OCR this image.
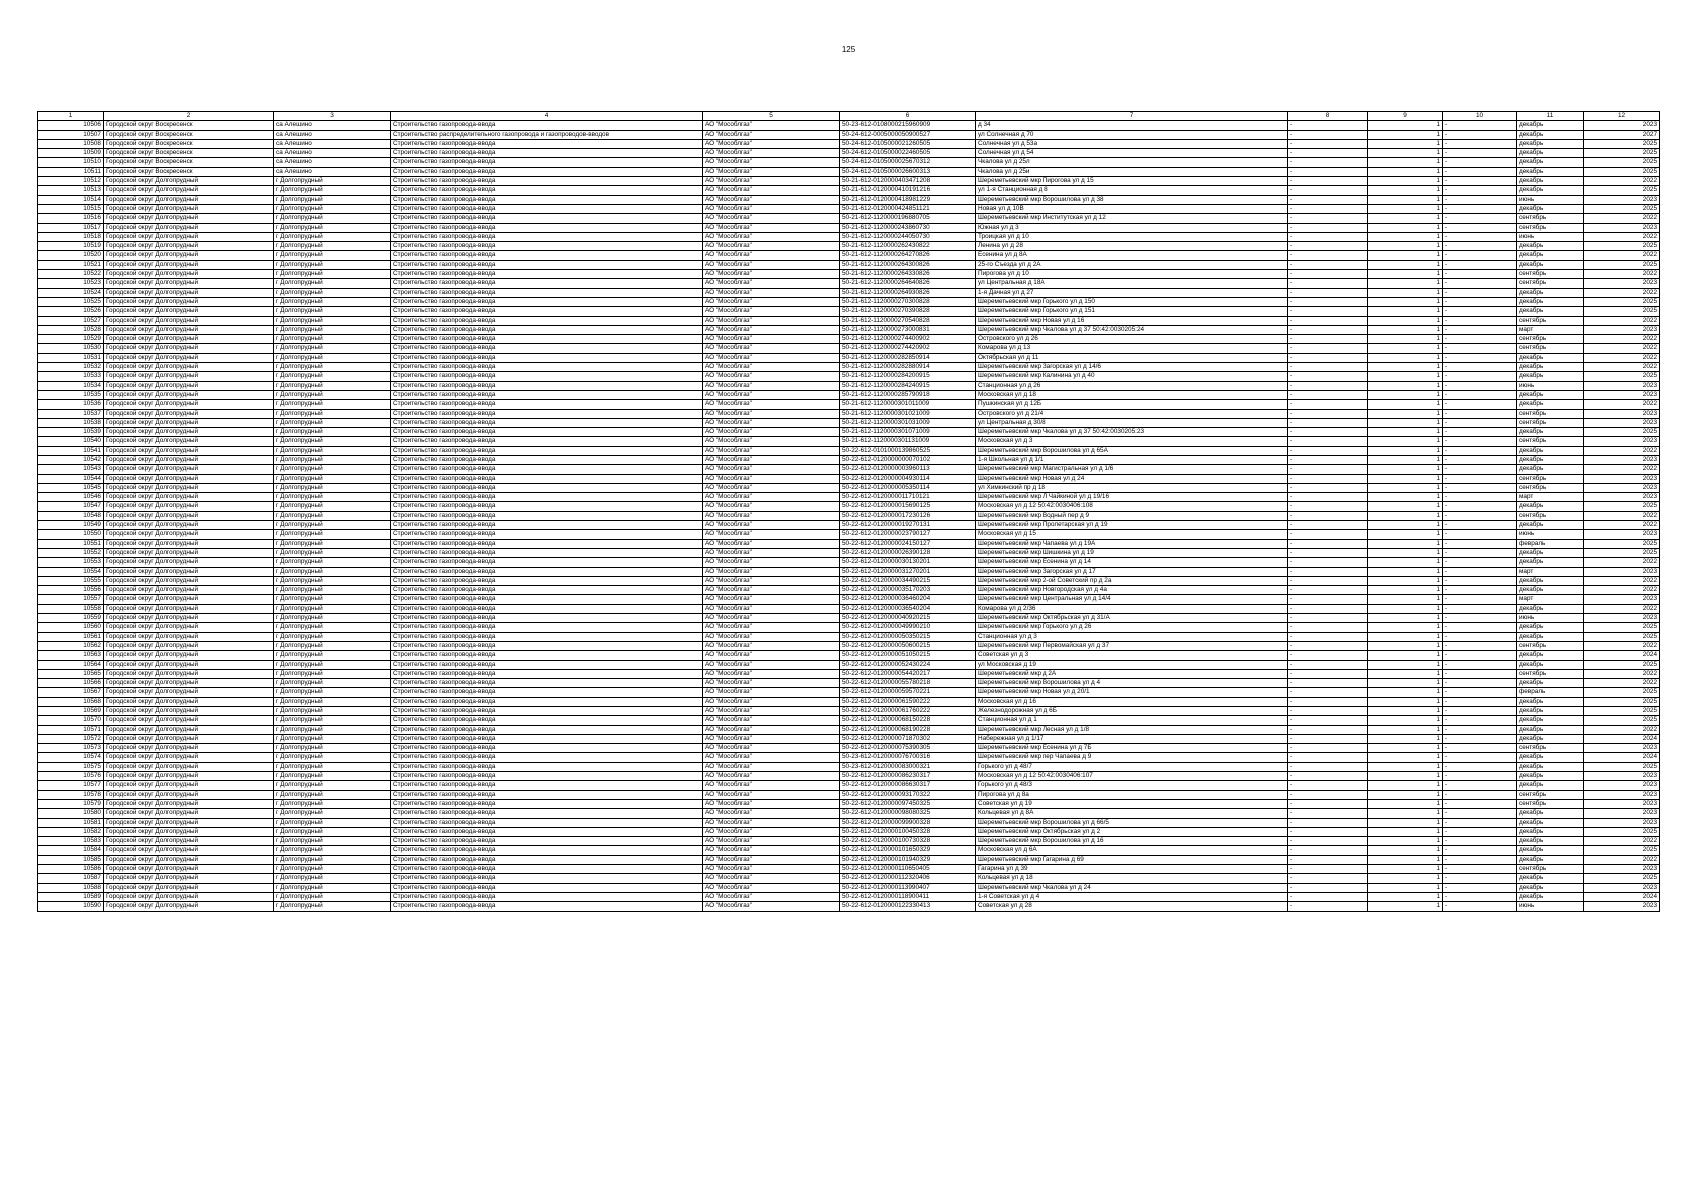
125
1	2	3	4	5	6	7	8	9	10	11	12
10506	Городской округ Воскресенск	са Алешино	Строительство газопровода-ввода	АО "Мособлгаз"	50-23-612-0108000215960909	д 34	-	1	-	декабрь	2023
10507	Городской округ Воскресенск	са Алешино	Строительство распределительного газопровода и газопроводов-вводов	АО "Мособлгаз"	50-24-612-0005000050900527	ул Солнечная д 70	-	1	-	декабрь	2027
10508	Городской округ Воскресенск	са Алешино	Строительство газопровода-ввода	АО "Мособлгаз"	50-24-612-0105000021260505	Солнечная ул д 53а	-	1	-	декабрь	2025
10509	Городской округ Воскресенск	са Алешино	Строительство газопровода-ввода	АО "Мособлгаз"	50-24-612-0105000022460505	Солнечная ул д 54	-	1	-	декабрь	2025
10510	Городской округ Воскресенск	са Алешино	Строительство газопровода-ввода	АО "Мособлгаз"	50-24-612-0105000025670312	Чкалова ул д 25л	-	1	-	декабрь	2025
10511	Городской округ Воскресенск	са Алешино	Строительство газопровода-ввода	АО "Мособлгаз"	50-24-612-0105000026600313	Чкалова ул д 25и	-	1	-	декабрь	2025
10512	Городской округ Долгопрудный	г Долгопрудный	Строительство газопровода-ввода	АО "Мособлгаз"	50-21-612-0120000403471208	Шереметьевский мкр Пирогова ул д 15	-	1	-	декабрь	2022
10513	Городской округ Долгопрудный	г Долгопрудный	Строительство газопровода-ввода	АО "Мособлгаз"	50-21-612-0120000410191216	ул 1-я Станционная д 8	-	1	-	декабрь	2025
10514	Городской округ Долгопрудный	г Долгопрудный	Строительство газопровода-ввода	АО "Мособлгаз"	50-21-612-0120000418981229	Шереметьевский мкр Ворошилова ул д 38	-	1	-	июнь	2023
10515	Городской округ Долгопрудный	г Долгопрудный	Строительство газопровода-ввода	АО "Мособлгаз"	50-21-612-0120000424851121	Новая ул д 10В	-	1	-	декабрь	2025
10516	Городской округ Долгопрудный	г Долгопрудный	Строительство газопровода-ввода	АО "Мособлгаз"	50-21-612-1120000196880705	Шереметьевский мкр Институтская ул д 12	-	1	-	сентябрь	2022
10517	Городской округ Долгопрудный	г Долгопрудный	Строительство газопровода-ввода	АО "Мособлгаз"	50-21-612-1120000243860730	Южная ул д 3	-	1	-	сентябрь	2023
10518	Городской округ Долгопрудный	г Долгопрудный	Строительство газопровода-ввода	АО "Мособлгаз"	50-21-612-1120000244050730	Троицкая ул д 10	-	1	-	июнь	2022
10519	Городской округ Долгопрудный	г Долгопрудный	Строительство газопровода-ввода	АО "Мособлгаз"	50-21-612-1120000262430822	Ленина ул д 28	-	1	-	декабрь	2025
10520	Городской округ Долгопрудный	г Долгопрудный	Строительство газопровода-ввода	АО "Мособлгаз"	50-21-612-1120000264270826	Есенина ул д 8А	-	1	-	декабрь	2022
10521	Городской округ Долгопрудный	г Долгопрудный	Строительство газопровода-ввода	АО "Мособлгаз"	50-21-612-1120000264300826	25-го Съезда ул д 2А	-	1	-	декабрь	2025
10522	Городской округ Долгопрудный	г Долгопрудный	Строительство газопровода-ввода	АО "Мособлгаз"	50-21-612-1120000264330826	Пирогова ул д 10	-	1	-	сентябрь	2022
10523	Городской округ Долгопрудный	г Долгопрудный	Строительство газопровода-ввода	АО "Мособлгаз"	50-21-612-1120000264640826	ул Центральная д 18А	-	1	-	сентябрь	2023
10524	Городской округ Долгопрудный	г Долгопрудный	Строительство газопровода-ввода	АО "Мособлгаз"	50-21-612-1120000264930826	1-я Дачная ул д 27	-	1	-	декабрь	2022
10525	Городской округ Долгопрудный	г Долгопрудный	Строительство газопровода-ввода	АО "Мособлгаз"	50-21-612-1120000270300828	Шереметьевский мкр Горького ул д 150	-	1	-	декабрь	2025
10526	Городской округ Долгопрудный	г Долгопрудный	Строительство газопровода-ввода	АО "Мособлгаз"	50-21-612-1120000270390828	Шереметьевский мкр Горького ул д 151	-	1	-	декабрь	2025
10527	Городской округ Долгопрудный	г Долгопрудный	Строительство газопровода-ввода	АО "Мособлгаз"	50-21-612-1120000270540828	Шереметьевский мкр Новая ул д 16	-	1	-	сентябрь	2022
10528	Городской округ Долгопрудный	г Долгопрудный	Строительство газопровода-ввода	АО "Мособлгаз"	50-21-612-1120000273000831	Шереметьевский мкр Чкалова ул д 37 50:42:0030205:24	-	1	-	март	2023
10529	Городской округ Долгопрудный	г Долгопрудный	Строительство газопровода-ввода	АО "Мособлгаз"	50-21-612-1120000274400902	Островского ул д 26	-	1	-	сентябрь	2022
10530	Городской округ Долгопрудный	г Долгопрудный	Строительство газопровода-ввода	АО "Мособлгаз"	50-21-612-1120000274420902	Комарова ул д 13	-	1	-	сентябрь	2022
10531	Городской округ Долгопрудный	г Долгопрудный	Строительство газопровода-ввода	АО "Мособлгаз"	50-21-612-1120000282850914	Октябрьская ул д 11	-	1	-	декабрь	2022
10532	Городской округ Долгопрудный	г Долгопрудный	Строительство газопровода-ввода	АО "Мособлгаз"	50-21-612-1120000282880914	Шереметьевский мкр Загорская ул д 14/6	-	1	-	декабрь	2022
10533	Городской округ Долгопрудный	г Долгопрудный	Строительство газопровода-ввода	АО "Мособлгаз"	50-21-612-1120000284200915	Шереметьевский мкр Калинина ул д 40	-	1	-	декабрь	2025
10534	Городской округ Долгопрудный	г Долгопрудный	Строительство газопровода-ввода	АО "Мособлгаз"	50-21-612-1120000284240915	Станционная ул д 26	-	1	-	июнь	2023
10535	Городской округ Долгопрудный	г Долгопрудный	Строительство газопровода-ввода	АО "Мособлгаз"	50-21-612-1120000285790918	Московская ул д 18	-	1	-	декабрь	2023
10536	Городской округ Долгопрудный	г Долгопрудный	Строительство газопровода-ввода	АО "Мособлгаз"	50-21-612-1120000301011009	Пушкинская ул д 12Б	-	1	-	декабрь	2022
10537	Городской округ Долгопрудный	г Долгопрудный	Строительство газопровода-ввода	АО "Мособлгаз"	50-21-612-1120000301021009	Островского ул д 21/4	-	1	-	сентябрь	2023
10538	Городской округ Долгопрудный	г Долгопрудный	Строительство газопровода-ввода	АО "Мособлгаз"	50-21-612-1120000301031009	ул Центральная д 30/8	-	1	-	сентябрь	2023
10539	Городской округ Долгопрудный	г Долгопрудный	Строительство газопровода-ввода	АО "Мособлгаз"	50-21-612-1120000301071009	Шереметьевский мкр Чкалова ул д 37 50:42:0030205:23	-	1	-	декабрь	2025
10540	Городской округ Долгопрудный	г Долгопрудный	Строительство газопровода-ввода	АО "Мособлгаз"	50-21-612-1120000301131009	Московская ул д 3	-	1	-	сентябрь	2023
10541	Городской округ Долгопрудный	г Долгопрудный	Строительство газопровода-ввода	АО "Мособлгаз"	50-22-612-0101000139860525	Шереметьевский мкр Ворошилова ул д 65А	-	1	-	декабрь	2022
10542	Городской округ Долгопрудный	г Долгопрудный	Строительство газопровода-ввода	АО "Мособлгаз"	50-22-612-0120000000070102	1-я Школьная ул д 1/1	-	1	-	декабрь	2023
10543	Городской округ Долгопрудный	г Долгопрудный	Строительство газопровода-ввода	АО "Мособлгаз"	50-22-612-0120000003960113	Шереметьевский мкр Магистральная ул д 1/6	-	1	-	декабрь	2022
10544	Городской округ Долгопрудный	г Долгопрудный	Строительство газопровода-ввода	АО "Мособлгаз"	50-22-612-0120000004930114	Шереметьевский мкр Новая ул д 24	-	1	-	сентябрь	2023
10545	Городской округ Долгопрудный	г Долгопрудный	Строительство газопровода-ввода	АО "Мособлгаз"	50-22-612-0120000005350114	ул Химкинский пр д 18	-	1	-	сентябрь	2023
10546	Городской округ Долгопрудный	г Долгопрудный	Строительство газопровода-ввода	АО "Мособлгаз"	50-22-612-0120000011710121	Шереметьевский мкр Л Чайкиной ул д 19/16	-	1	-	март	2023
10547	Городской округ Долгопрудный	г Долгопрудный	Строительство газопровода-ввода	АО "Мособлгаз"	50-22-612-0120000015690125	Московская ул д 12 50:42:0030406:108	-	1	-	декабрь	2025
10548	Городской округ Долгопрудный	г Долгопрудный	Строительство газопровода-ввода	АО "Мособлгаз"	50-22-612-0120000017230126	Шереметьевский мкр Водный пер д 9	-	1	-	сентябрь	2022
10549	Городской округ Долгопрудный	г Долгопрудный	Строительство газопровода-ввода	АО "Мособлгаз"	50-22-612-0120000019270131	Шереметьевский мкр Пролетарская ул д 19	-	1	-	декабрь	2022
10550	Городской округ Долгопрудный	г Долгопрудный	Строительство газопровода-ввода	АО "Мособлгаз"	50-22-612-0120000023790127	Московская ул д 15	-	1	-	июнь	2023
10551	Городской округ Долгопрудный	г Долгопрудный	Строительство газопровода-ввода	АО "Мособлгаз"	50-22-612-0120000024150127	Шереметьевский мкр Чапаева ул д 19А	-	1	-	февраль	2025
10552	Городской округ Долгопрудный	г Долгопрудный	Строительство газопровода-ввода	АО "Мособлгаз"	50-22-612-0120000026390128	Шереметьевский мкр Шишкина ул д 19	-	1	-	декабрь	2025
10553	Городской округ Долгопрудный	г Долгопрудный	Строительство газопровода-ввода	АО "Мособлгаз"	50-22-612-0120000030130201	Шереметьевский мкр Есенина ул д 14	-	1	-	декабрь	2022
10554	Городской округ Долгопрудный	г Долгопрудный	Строительство газопровода-ввода	АО "Мособлгаз"	50-22-612-0120000031270201	Шереметьевский мкр Загорская ул д 17	-	1	-	март	2023
10555	Городской округ Долгопрудный	г Долгопрудный	Строительство газопровода-ввода	АО "Мособлгаз"	50-22-612-0120000034490215	Шереметьевский мкр 2-ой Советский пр д 2а	-	1	-	декабрь	2022
10556	Городской округ Долгопрудный	г Долгопрудный	Строительство газопровода-ввода	АО "Мособлгаз"	50-22-612-0120000035170203	Шереметьевский мкр Новгородская ул д 4а	-	1	-	декабрь	2022
10557	Городской округ Долгопрудный	г Долгопрудный	Строительство газопровода-ввода	АО "Мособлгаз"	50-22-612-0120000036460204	Шереметьевский мкр Центральная ул д 14/4	-	1	-	март	2023
10558	Городской округ Долгопрудный	г Долгопрудный	Строительство газопровода-ввода	АО "Мособлгаз"	50-22-612-0120000036540204	Комарова ул д 2/36	-	1	-	декабрь	2022
10559	Городской округ Долгопрудный	г Долгопрудный	Строительство газопровода-ввода	АО "Мособлгаз"	50-22-612-0120000040920215	Шереметьевский мкр Октябрьская ул д 31/А	-	1	-	июнь	2023
10560	Городской округ Долгопрудный	г Долгопрудный	Строительство газопровода-ввода	АО "Мособлгаз"	50-22-612-0120000049990210	Шереметьевский мкр Горького ул д 26	-	1	-	декабрь	2025
10561	Городской округ Долгопрудный	г Долгопрудный	Строительство газопровода-ввода	АО "Мособлгаз"	50-22-612-0120000050350215	Станционная ул д 3	-	1	-	декабрь	2025
10562	Городской округ Долгопрудный	г Долгопрудный	Строительство газопровода-ввода	АО "Мособлгаз"	50-22-612-0120000050600215	Шереметьевский мкр Первомайская ул д 37	-	1	-	сентябрь	2022
10563	Городской округ Долгопрудный	г Долгопрудный	Строительство газопровода-ввода	АО "Мособлгаз"	50-22-612-0120000051050215	Советская ул д 3	-	1	-	декабрь	2024
10564	Городской округ Долгопрудный	г Долгопрудный	Строительство газопровода-ввода	АО "Мособлгаз"	50-22-612-0120000052430224	ул Московская д 19	-	1	-	декабрь	2025
10565	Городской округ Долгопрудный	г Долгопрудный	Строительство газопровода-ввода	АО "Мособлгаз"	50-22-612-0120000054420217	Шереметьевский мкр д 2А	-	1	-	сентябрь	2022
10566	Городской округ Долгопрудный	г Долгопрудный	Строительство газопровода-ввода	АО "Мособлгаз"	50-22-612-0120000055780218	Шереметьевский мкр Ворошилова ул д 4	-	1	-	декабрь	2022
10567	Городской округ Долгопрудный	г Долгопрудный	Строительство газопровода-ввода	АО "Мособлгаз"	50-22-612-0120000059570221	Шереметьевский мкр Новая ул д 20/1	-	1	-	февраль	2025
10568	Городской округ Долгопрудный	г Долгопрудный	Строительство газопровода-ввода	АО "Мособлгаз"	50-22-612-0120000061590222	Московская ул д 16	-	1	-	декабрь	2025
10569	Городской округ Долгопрудный	г Долгопрудный	Строительство газопровода-ввода	АО "Мособлгаз"	50-22-612-0120000061760222	Железнодорожная ул д 6Б	-	1	-	декабрь	2025
10570	Городской округ Долгопрудный	г Долгопрудный	Строительство газопровода-ввода	АО "Мособлгаз"	50-22-612-0120000068150228	Станционная ул д 1	-	1	-	декабрь	2025
10571	Городской округ Долгопрудный	г Долгопрудный	Строительство газопровода-ввода	АО "Мособлгаз"	50-22-612-0120000068190228	Шереметьевский мкр Лесная ул д 1/8	-	1	-	декабрь	2022
10572	Городской округ Долгопрудный	г Долгопрудный	Строительство газопровода-ввода	АО "Мособлгаз"	50-22-612-0120000071870302	Набережная ул д 1/17	-	1	-	декабрь	2024
10573	Городской округ Долгопрудный	г Долгопрудный	Строительство газопровода-ввода	АО "Мособлгаз"	50-22-612-0120000075390305	Шереметьевский мкр Есенина ул д 7Б	-	1	-	сентябрь	2023
10574	Городской округ Долгопрудный	г Долгопрудный	Строительство газопровода-ввода	АО "Мособлгаз"	50-23-612-0120000076700316	Шереметьевский мкр пер Чапаева д 9	-	1	-	декабрь	2024
10575	Городской округ Долгопрудный	г Долгопрудный	Строительство газопровода-ввода	АО "Мособлгаз"	50-23-612-0120000083000321	Горького ул д 48/7	-	1	-	декабрь	2025
10576	Городской округ Долгопрудный	г Долгопрудный	Строительство газопровода-ввода	АО "Мособлгаз"	50-22-612-0120000086230317	Московская ул д 12 50:42:0030406:107	-	1	-	декабрь	2023
10577	Городской округ Долгопрудный	г Долгопрудный	Строительство газопровода-ввода	АО "Мособлгаз"	50-22-612-0120000086630317	Горького ул д 48/3	-	1	-	декабрь	2023
10578	Городской округ Долгопрудный	г Долгопрудный	Строительство газопровода-ввода	АО "Мособлгаз"	50-22-612-0120000093170322	Пирогова ул д 8а	-	1	-	сентябрь	2023
10579	Городской округ Долгопрудный	г Долгопрудный	Строительство газопровода-ввода	АО "Мособлгаз"	50-22-612-0120000097450325	Советская ул д 19	-	1	-	сентябрь	2023
10580	Городской округ Долгопрудный	г Долгопрудный	Строительство газопровода-ввода	АО "Мособлгаз"	50-22-612-0120000098080325	Кольцевая ул д 8А	-	1	-	декабрь	2023
10581	Городской округ Долгопрудный	г Долгопрудный	Строительство газопровода-ввода	АО "Мособлгаз"	50-22-612-0120000099900328	Шереметьевский мкр Ворошилова ул д 66/5	-	1	-	декабрь	2023
10582	Городской округ Долгопрудный	г Долгопрудный	Строительство газопровода-ввода	АО "Мособлгаз"	50-22-612-0120000100450328	Шереметьевский мкр Октябрьская ул д 2	-	1	-	декабрь	2025
10583	Городской округ Долгопрудный	г Долгопрудный	Строительство газопровода-ввода	АО "Мособлгаз"	50-22-612-0120000100730328	Шереметьевский мкр Ворошилова ул д 16	-	1	-	декабрь	2022
10584	Городской округ Долгопрудный	г Долгопрудный	Строительство газопровода-ввода	АО "Мособлгаз"	50-22-612-0120000101650329	Московская ул д 6А	-	1	-	декабрь	2025
10585	Городской округ Долгопрудный	г Долгопрудный	Строительство газопровода-ввода	АО "Мособлгаз"	50-22-612-0120000101940329	Шереметьевский мкр Гагарина д 69	-	1	-	декабрь	2022
10586	Городской округ Долгопрудный	г Долгопрудный	Строительство газопровода-ввода	АО "Мособлгаз"	50-22-612-0120000110650405	Гагарина ул д 39	-	1	-	сентябрь	2023
10587	Городской округ Долгопрудный	г Долгопрудный	Строительство газопровода-ввода	АО "Мособлгаз"	50-22-612-0120000112320406	Кольцевая ул д 18	-	1	-	декабрь	2025
10588	Городской округ Долгопрудный	г Долгопрудный	Строительство газопровода-ввода	АО "Мособлгаз"	50-22-612-0120000113990407	Шереметьевский мкр Чкалова ул д 24	-	1	-	декабрь	2023
10589	Городской округ Долгопрудный	г Долгопрудный	Строительство газопровода-ввода	АО "Мособлгаз"	50-22-612-0120000118900411	1-я Советская ул д 4	-	1	-	декабрь	2024
10590	Городской округ Долгопрудный	г Долгопрудный	Строительство газопровода-ввода	АО "Мособлгаз"	50-22-612-0120000122330413	Советская ул д 28	-	1	-	июнь	2023
